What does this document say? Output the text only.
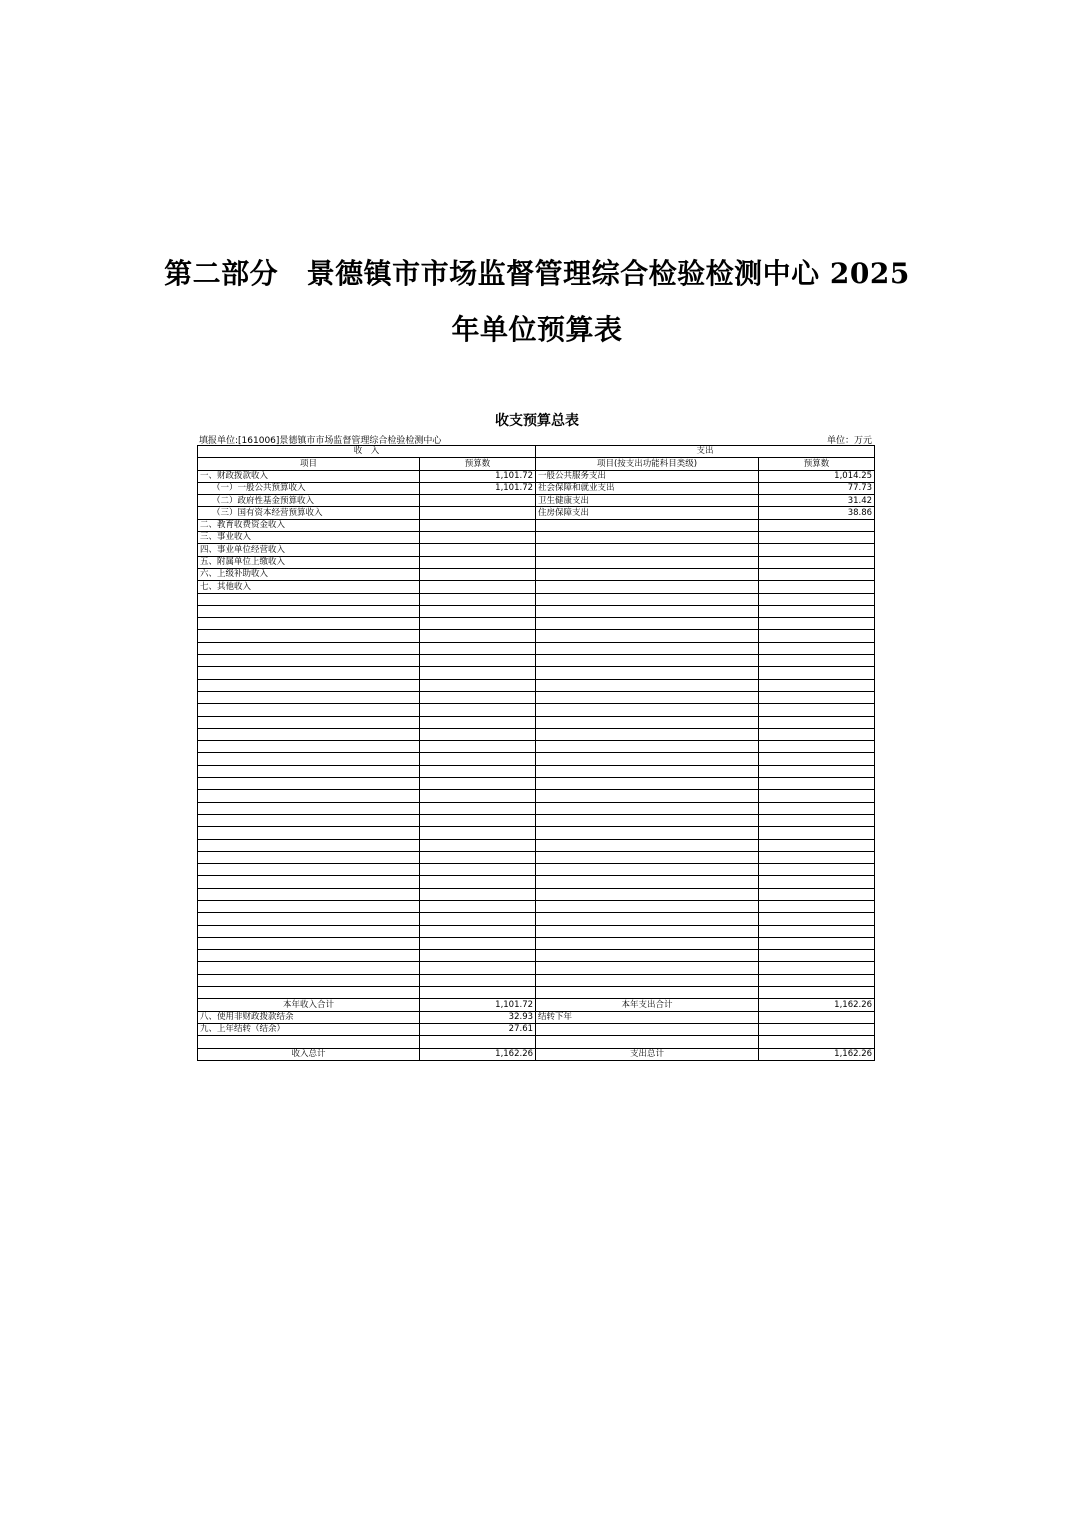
第二部分　景德镇市市场监督管理综合检验检测中心 2025
年单位预算表
收支预算总表
填报单位:[161006]景德镇市市场监督管理综合检验检测中心	单位：万元
收　入		支出	
项目	预算数	项目(按支出功能科目类级)	预算数
一、财政拨款收入	1,101.72	一般公共服务支出	1,014.25
（一）一般公共预算收入	1,101.72	社会保障和就业支出	77.73
（二）政府性基金预算收入		卫生健康支出	31.42
（三）国有资本经营预算收入		住房保障支出	38.86
二、教育收费资金收入			
三、事业收入			
四、事业单位经营收入			
五、附属单位上缴收入			
六、上级补助收入			
七、其他收入			

本年收入合计	1,101.72	本年支出合计	1,162.26
八、使用非财政拨款结余	32.93	结转下年	
九、上年结转（结余）	27.61		

收入总计	1,162.26	支出总计	1,162.26
